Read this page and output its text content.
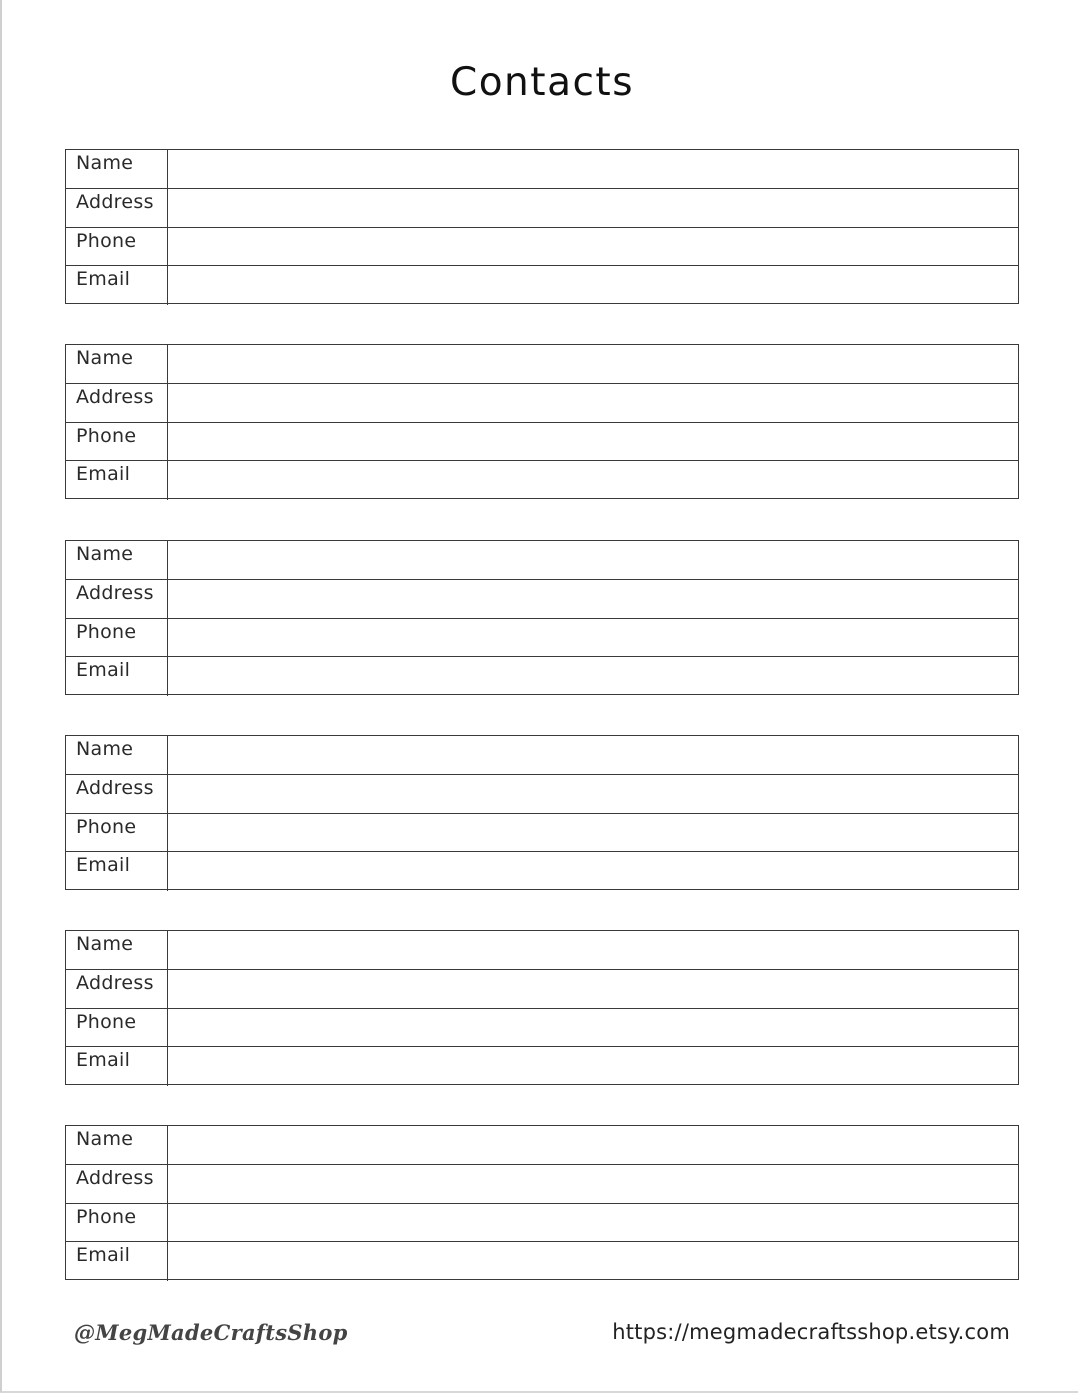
Contacts
Name
Address
Phone
Email
Name
Address
Phone
Email
Name
Address
Phone
Email
Name
Address
Phone
Email
Name
Address
Phone
Email
Name
Address
Phone
Email
@MegMadeCraftsShop	https://megmadecraftsshop.etsy.com
